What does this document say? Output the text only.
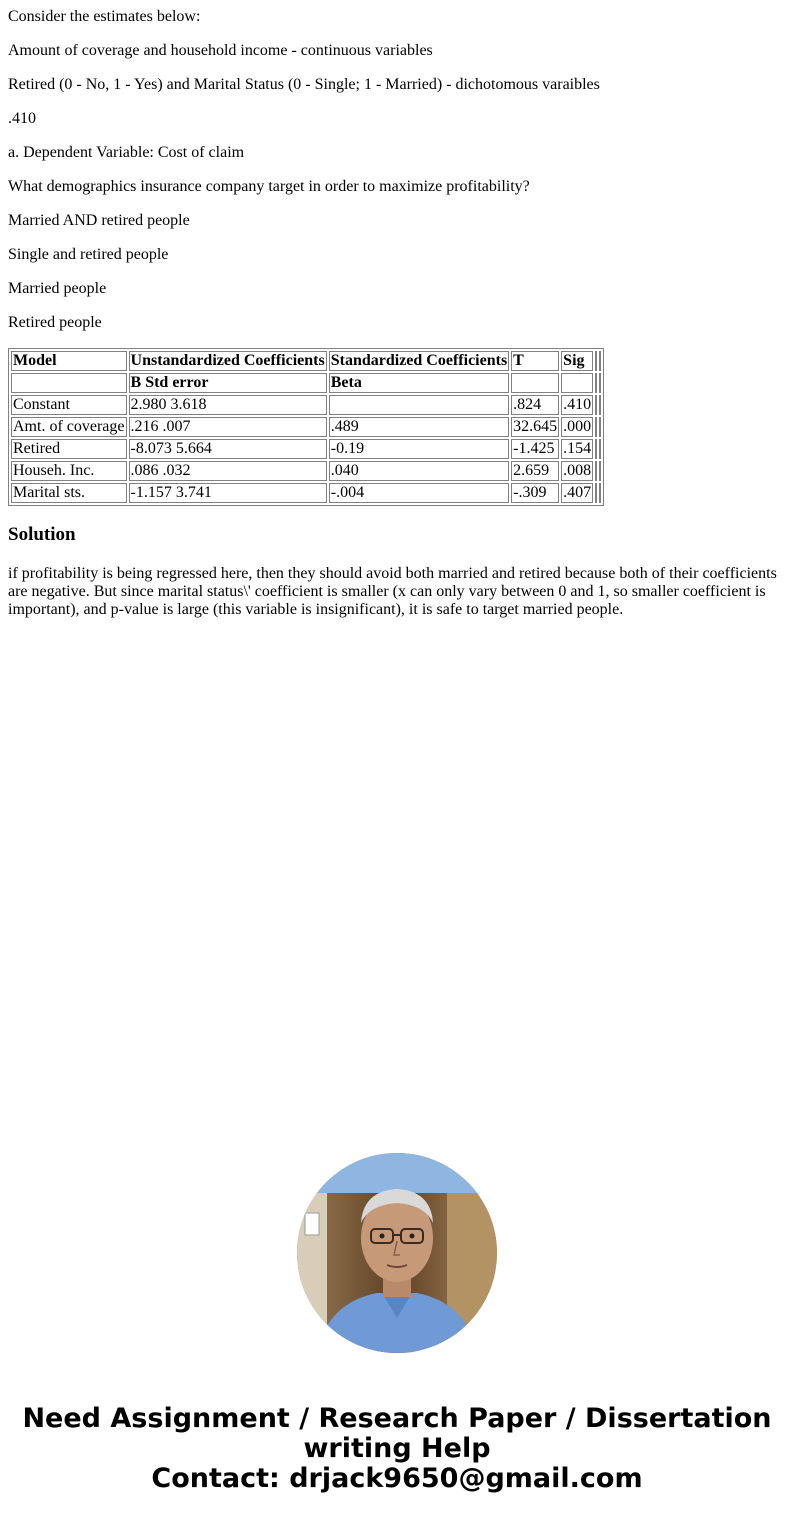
Consider the estimates below:

Amount of coverage and household income - continuous variables

Retired (0 - No, 1 - Yes) and Marital Status (0 - Single; 1 - Married) - dichotomous varaibles

.410

a. Dependent Variable: Cost of claim

What demographics insurance company target in order to maximize profitability?

Married AND retired people

Single and retired people

Married people

Retired people

Model	Unstandardized Coefficients	Standardized Coefficients	T	Sig		
	B Std error	Beta				
Constant	2.980 3.618		.824	.410		
Amt. of coverage	.216 .007	.489	32.645	.000		
Retired	-8.073 5.664	-0.19	-1.425	.154		
Househ. Inc.	.086 .032	.040	2.659	.008		
Marital sts.	-1.157 3.741	-.004	-.309	.407		
Solution

if profitability is being regressed here, then they should avoid both married and retired because both of their coefficients are negative. But since marital status\' coefficient is smaller (x can only vary between 0 and 1, so smaller coefficient is important), and p-value is large (this variable is insignificant), it is safe to target married people.

Need Assignment / Research Paper / Dissertation
writing Help
Contact: drjack9650@gmail.com
